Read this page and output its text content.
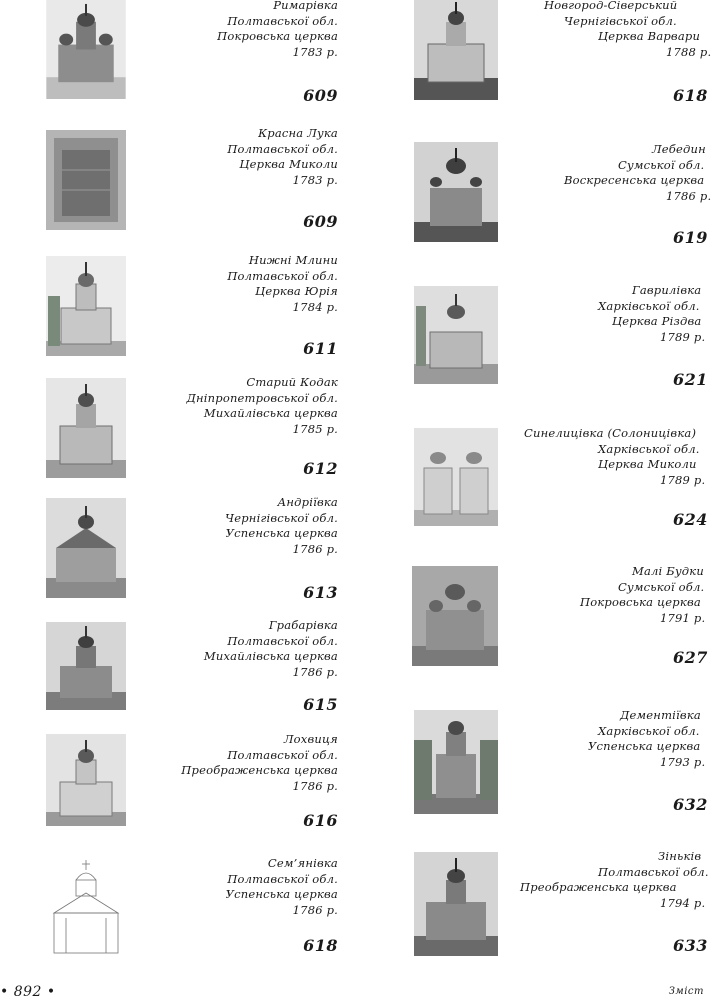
Римарівка
Полтавської обл.
Покровська церква
1783 р.
609
Красна Лука
Полтавської обл.
Церква Миколи
1783 р.
609
Нижні Млини
Полтавської обл.
Церква Юрія
1784 р.
611
Старий Кодак
Дніпропетровської обл.
Михайлівська церква
1785 р.
612
Андріївка
Чернігівської обл.
Успенська церква
1786 р.
613
Грабарівка
Полтавської обл.
Михайлівська церква
1786 р.
615
Лохвиця
Полтавської обл.
Преображенська церква
1786 р.
616
Сем’янівка
Полтавської обл.
Успенська церква
1786 р.
618
Новгород-Сіверський
Чернігівської обл.
Церква Варвари
1788 р.
618
Лебедин
Сумської обл.
Воскресенська церква
1786 р.
619
Гаврилівка
Харківської обл.
Церква Різдва
1789 р.
621
Синелицівка (Солоницівка)
Харківської обл.
Церква Миколи
1789 р.
624
Малі Будки
Сумської обл.
Покровська церква
1791 р.
627
Дементіївка
Харківської обл.
Успенська церква
1793 р.
632
Зіньків
Полтавської обл.
Преображенська церква
1794 р.
633
• 892 •	Зміст
